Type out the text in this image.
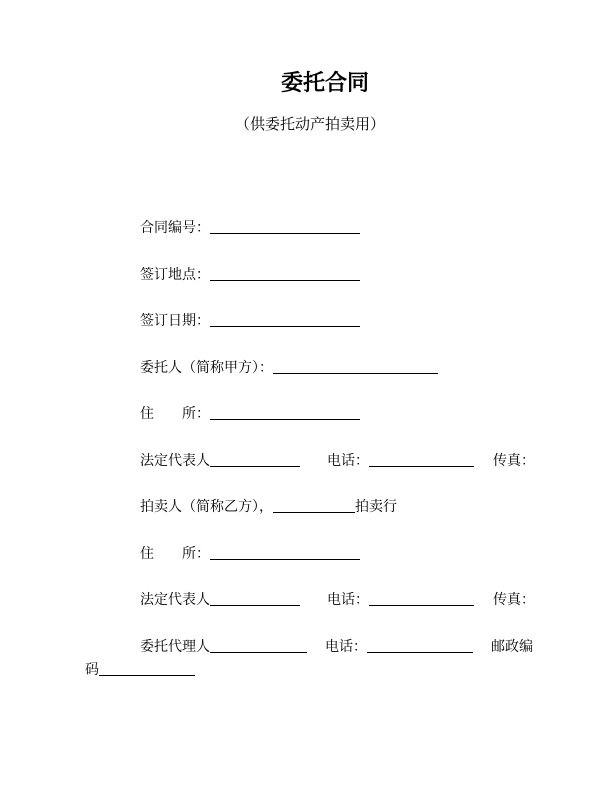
委托合同
（供委托动产拍卖用）
合同编号：
签订地点：
签订日期：
委托人（简称甲方）：
住　　所：
法定代表人	电话：	传真：
拍卖人（简称乙方），	拍卖行
住　　所：
法定代表人	电话：	传真：
委托代理人	电话：	邮政编
码
